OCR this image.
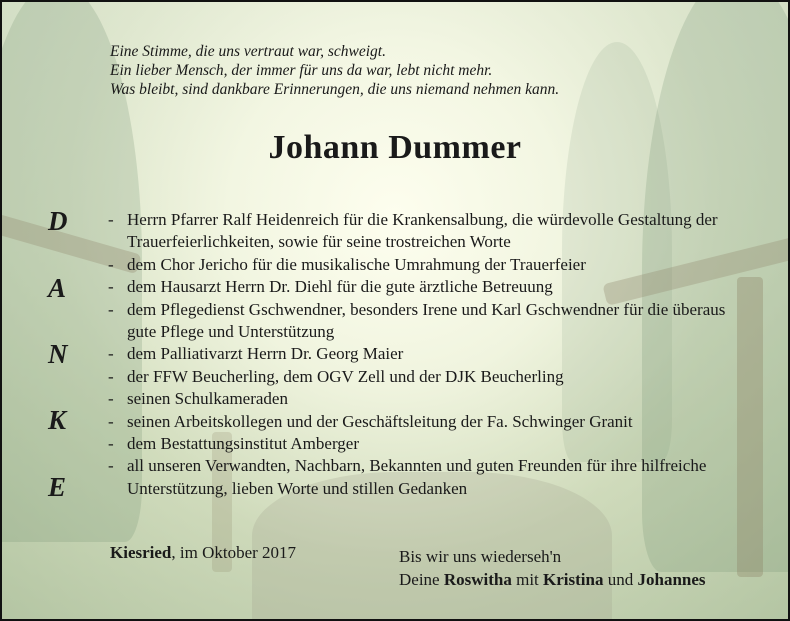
Eine Stimme, die uns vertraut war, schweigt.
Ein lieber Mensch, der immer für uns da war, lebt nicht mehr.
Was bleibt, sind dankbare Erinnerungen, die uns niemand nehmen kann.
Johann Dummer
D
A
N
K
E
- Herrn Pfarrer Ralf Heidenreich für die Krankensalbung, die würdevolle Gestaltung der Trauerfeierlichkeiten, sowie für seine trostreichen Worte
- dem Chor Jericho für die musikalische Umrahmung der Trauerfeier
- dem Hausarzt Herrn Dr. Diehl für die gute ärztliche Betreuung
- dem Pflegedienst Gschwendner, besonders Irene und Karl Gschwendner für die überaus gute Pflege und Unterstützung
- dem Palliativarzt Herrn Dr. Georg Maier
- der FFW Beucherling, dem OGV Zell und der DJK Beucherling
- seinen Schulkameraden
- seinen Arbeitskollegen und der Geschäftsleitung der Fa. Schwinger Granit
- dem Bestattungsinstitut Amberger
- all unseren Verwandten, Nachbarn, Bekannten und guten Freunden für ihre hilfreiche Unterstützung, lieben Worte und stillen Gedanken
Kiesried, im Oktober 2017	Bis wir uns wiederseh'n
Deine Roswitha mit Kristina und Johannes
